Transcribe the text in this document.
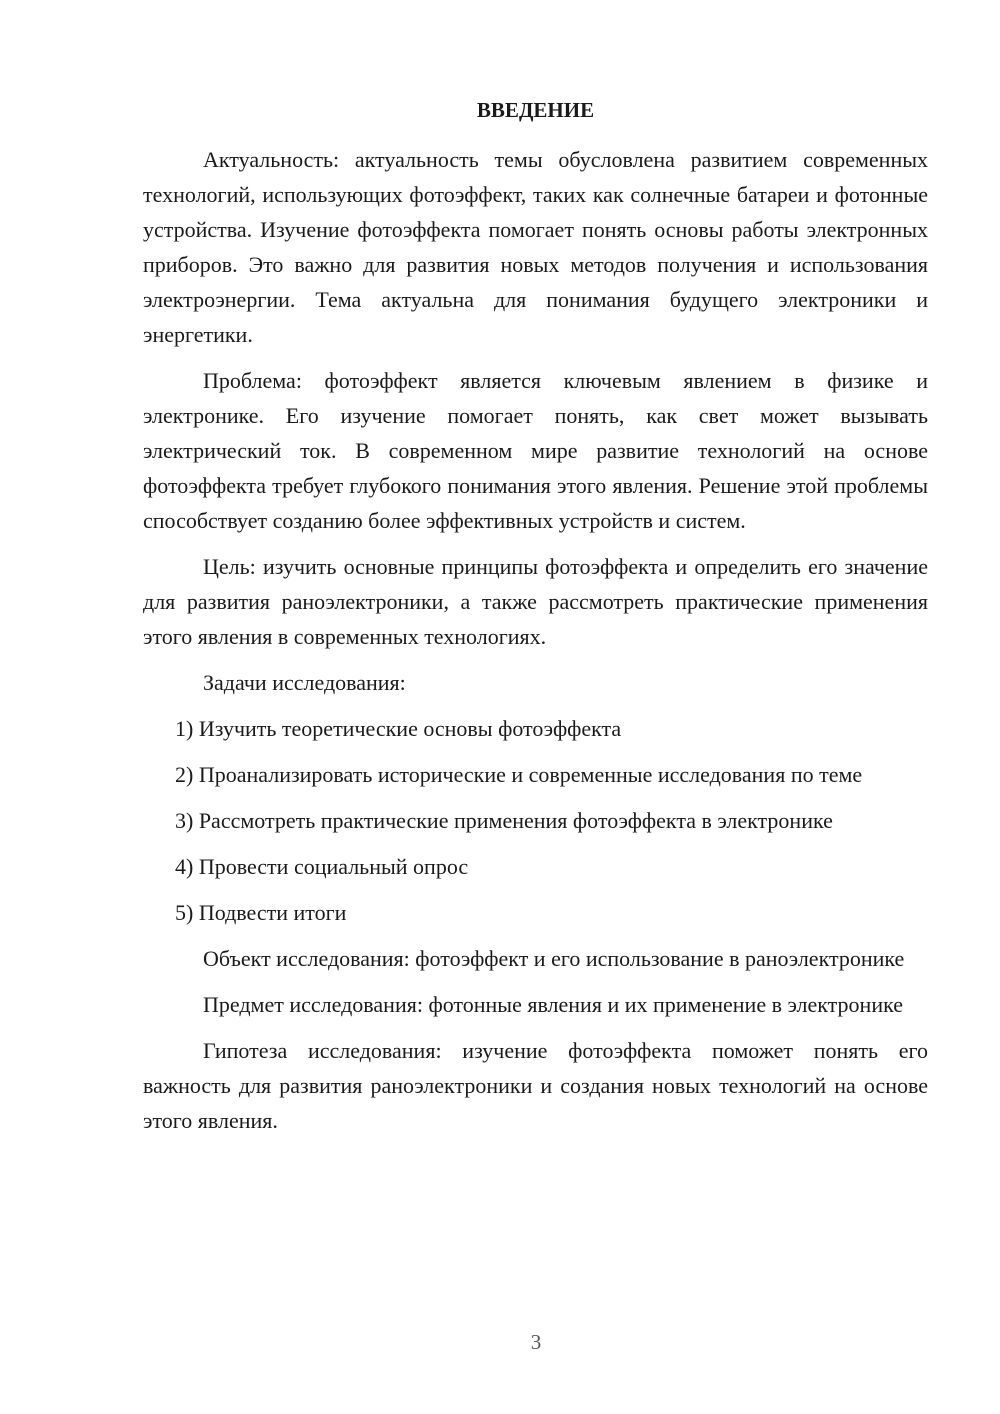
ВВЕДЕНИЕ

Актуальность: актуальность темы обусловлена развитием современных технологий, использующих фотоэффект, таких как солнечные батареи и фотонные устройства. Изучение фотоэффекта помогает понять основы работы электронных приборов. Это важно для развития новых методов получения и использования электроэнергии. Тема актуальна для понимания будущего электроники и энергетики.

Проблема: фотоэффект является ключевым явлением в физике и электронике. Его изучение помогает понять, как свет может вызывать электрический ток. В современном мире развитие технологий на основе фотоэффекта требует глубокого понимания этого явления. Решение этой проблемы способствует созданию более эффективных устройств и систем.

Цель: изучить основные принципы фотоэффекта и определить его значение для развития раноэлектроники, а также рассмотреть практические применения этого явления в современных технологиях.

Задачи исследования:

1) Изучить теоретические основы фотоэффекта

2) Проанализировать исторические и современные исследования по теме

3) Рассмотреть практические применения фотоэффекта в электронике

4) Провести социальный опрос

5) Подвести итоги

Объект исследования: фотоэффект и его использование в раноэлектронике

Предмет исследования: фотонные явления и их применение в электронике

Гипотеза исследования: изучение фотоэффекта поможет понять его важность для развития раноэлектроники и создания новых технологий на основе этого явления.

3
